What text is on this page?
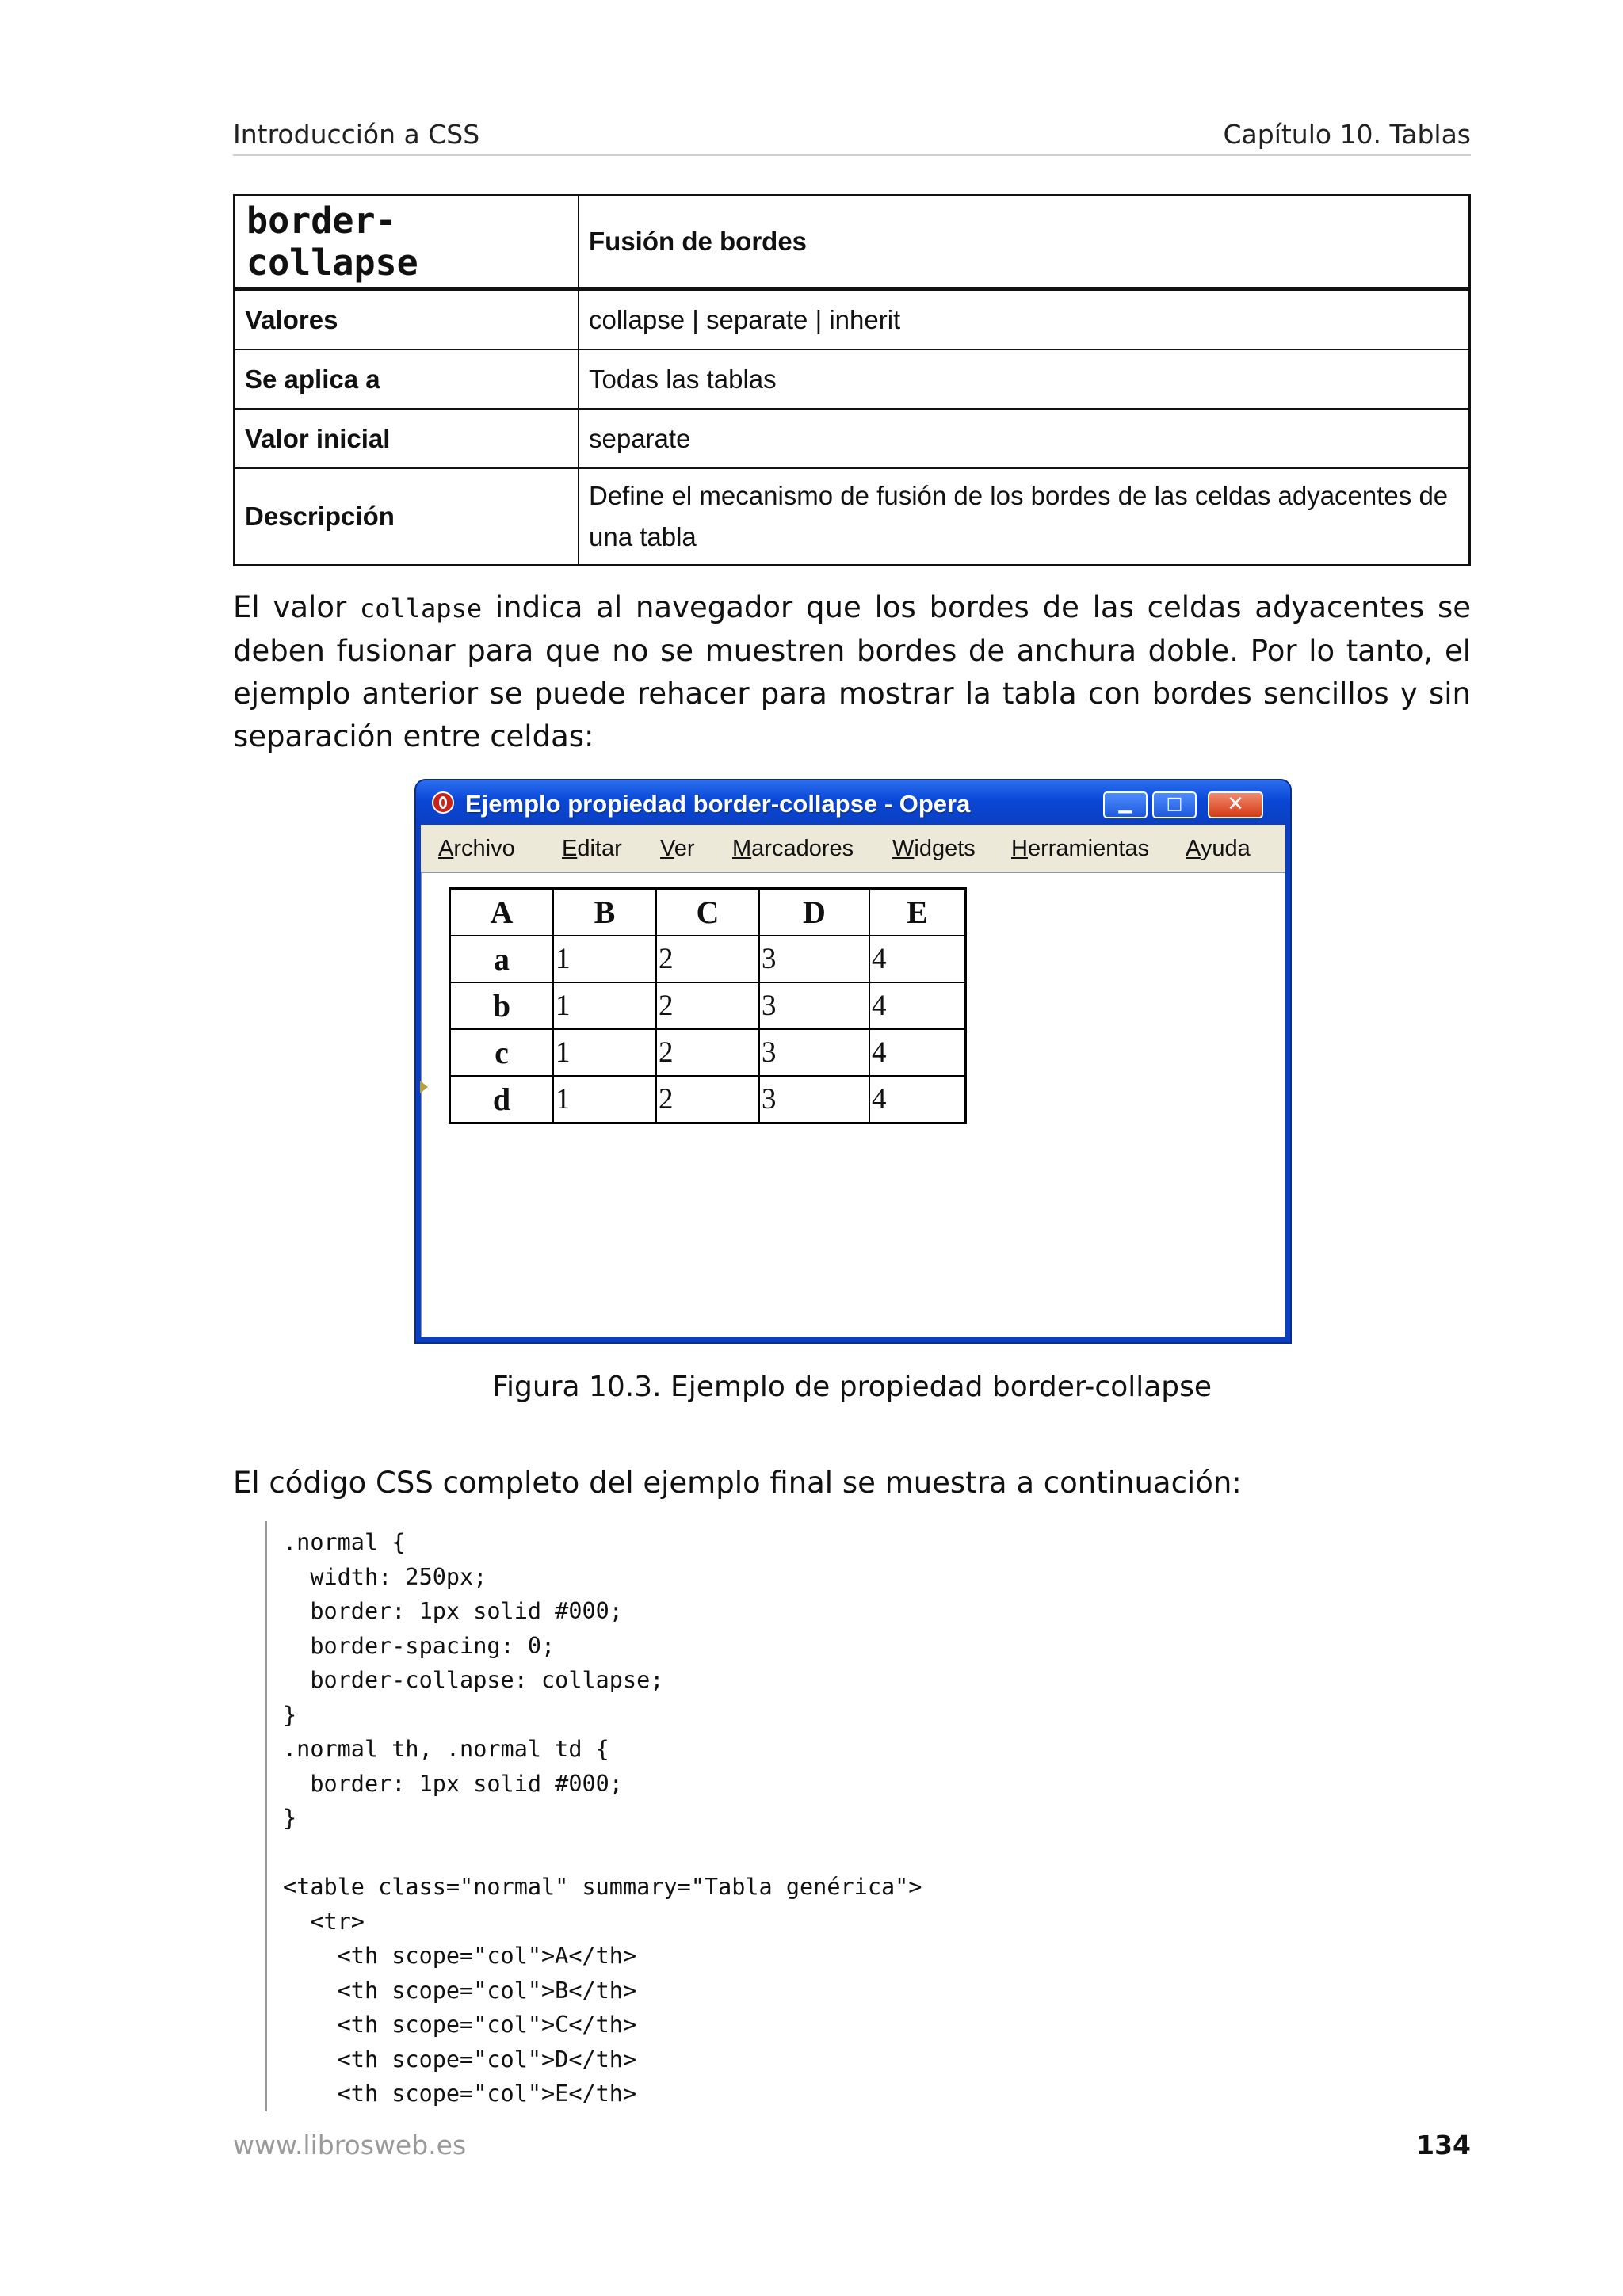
Introducción a CSS	Capítulo 10. Tablas
border-collapse	Fusión de bordes
Valores	collapse | separate | inherit
Se aplica a	Todas las tablas
Valor inicial	separate
Descripción	Define el mecanismo de fusión de los bordes de las celdas adyacentes de una tabla
El valor collapse indica al navegador que los bordes de las celdas adyacentes se deben fusionar para que no se muestren bordes de anchura doble. Por lo tanto, el ejemplo anterior se puede rehacer para mostrar la tabla con bordes sencillos y sin separación entre celdas:
Ejemplo propiedad border-collapse - Opera	▁	□	✕
Archivo Editar Ver Marcadores Widgets Herramientas Ayuda
A	B	C	D	E
a	1	2	3	4
b	1	2	3	4
c	1	2	3	4
d	1	2	3	4
Figura 10.3. Ejemplo de propiedad border-collapse
El código CSS completo del ejemplo final se muestra a continuación:
.normal {
width: 250px;
border: 1px solid #000;
border-spacing: 0;
border-collapse: collapse;
}
.normal th, .normal td {
border: 1px solid #000;
}

<table class="normal" summary="Tabla genérica">
<tr>
<th scope="col">A</th>
<th scope="col">B</th>
<th scope="col">C</th>
<th scope="col">D</th>
<th scope="col">E</th>
www.librosweb.es	134
